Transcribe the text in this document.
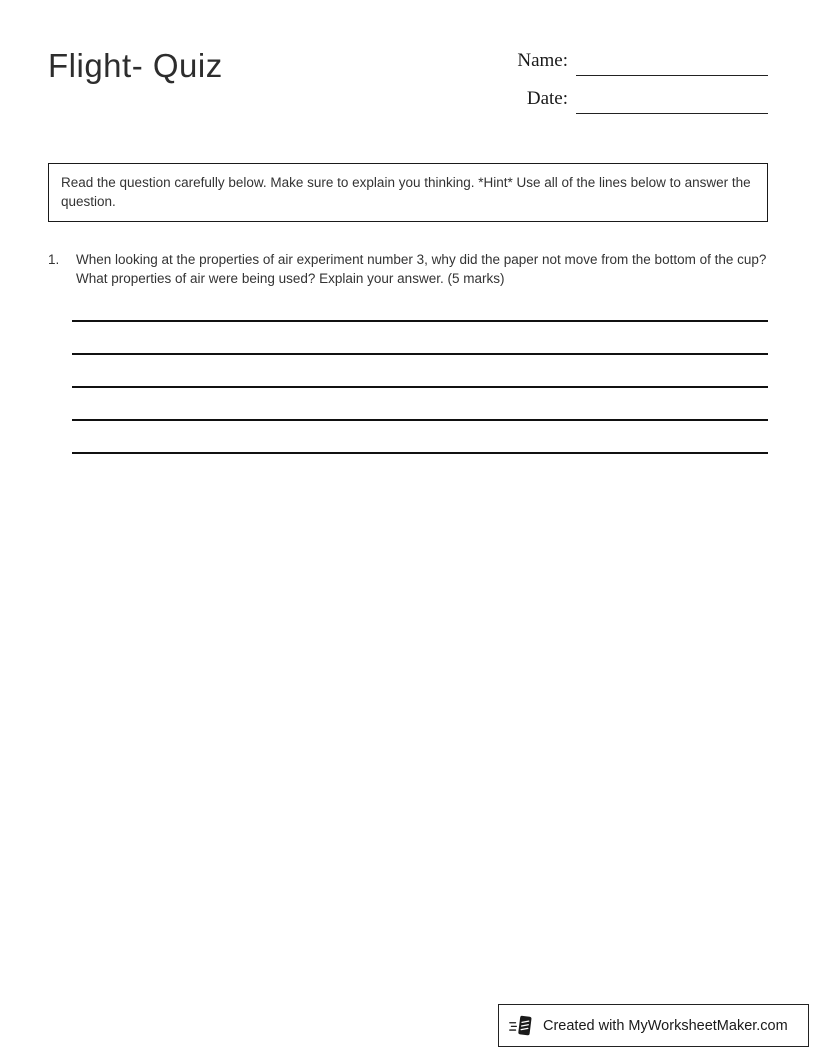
Flight- Quiz	Name:
Date:
Read the question carefully below. Make sure to explain you thinking. *Hint* Use all of the lines below to answer the question.
1.	When looking at the properties of air experiment number 3, why did the paper not move from the bottom of the cup? What properties of air were being used? Explain your answer. (5 marks)
Created with MyWorksheetMaker.com
